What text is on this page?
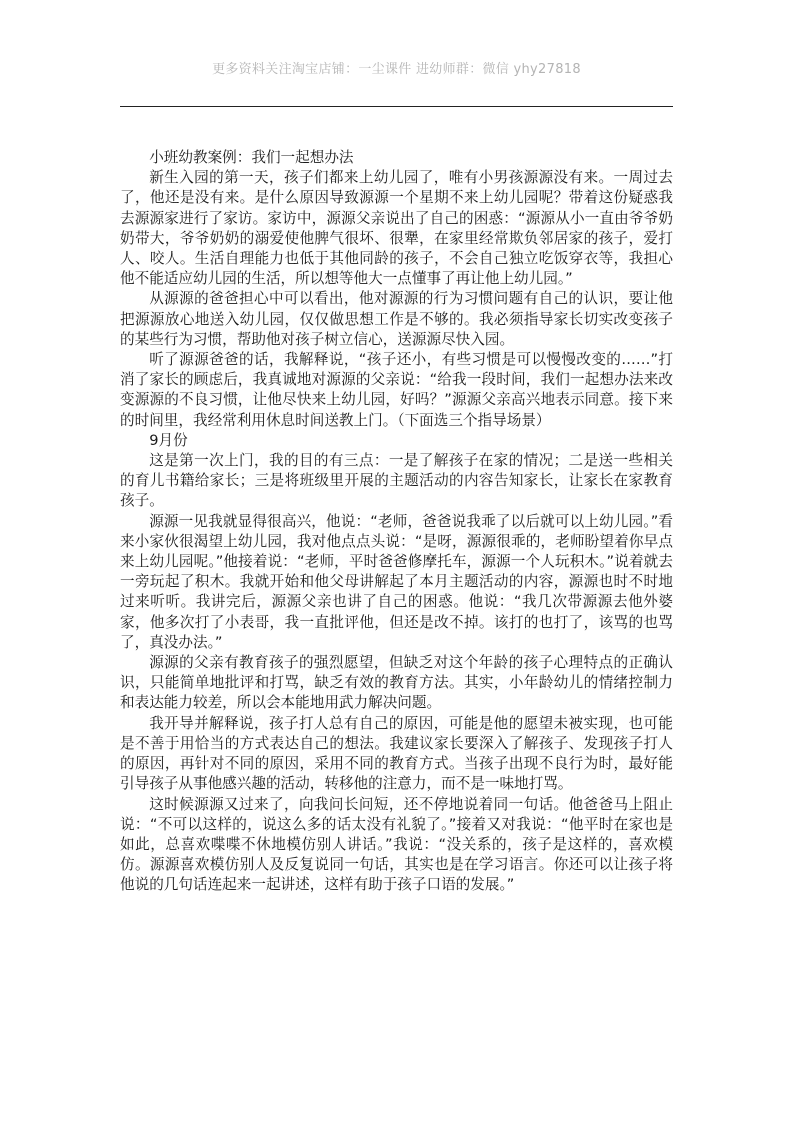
更多资料关注淘宝店铺：一尘课件 进幼师群：微信 yhy27818

小班幼教案例：我们一起想办法

新生入园的第一天，孩子们都来上幼儿园了，唯有小男孩源源没有来。一周过去了，他还是没有来。是什么原因导致源源一个星期不来上幼儿园呢？带着这份疑惑我去源源家进行了家访。家访中，源源父亲说出了自己的困惑：“源源从小一直由爷爷奶奶带大，爷爷奶奶的溺爱使他脾气很坏、很犟，在家里经常欺负邻居家的孩子，爱打人、咬人。生活自理能力也低于其他同龄的孩子，不会自己独立吃饭穿衣等，我担心他不能适应幼儿园的生活，所以想等他大一点懂事了再让他上幼儿园。”

从源源的爸爸担心中可以看出，他对源源的行为习惯问题有自己的认识，要让他把源源放心地送入幼儿园，仅仅做思想工作是不够的。我必须指导家长切实改变孩子的某些行为习惯，帮助他对孩子树立信心，送源源尽快入园。

听了源源爸爸的话，我解释说，“孩子还小，有些习惯是可以慢慢改变的……”打消了家长的顾虑后，我真诚地对源源的父亲说：“给我一段时间，我们一起想办法来改变源源的不良习惯，让他尽快来上幼儿园，好吗？”源源父亲高兴地表示同意。接下来的时间里，我经常利用休息时间送教上门。（下面选三个指导场景）

9月份

这是第一次上门，我的目的有三点：一是了解孩子在家的情况；二是送一些相关的育儿书籍给家长；三是将班级里开展的主题活动的内容告知家长，让家长在家教育孩子。

源源一见我就显得很高兴，他说：“老师，爸爸说我乖了以后就可以上幼儿园。”看来小家伙很渴望上幼儿园，我对他点点头说：“是呀，源源很乖的，老师盼望着你早点来上幼儿园呢。”他接着说：“老师，平时爸爸修摩托车，源源一个人玩积木。”说着就去一旁玩起了积木。我就开始和他父母讲解起了本月主题活动的内容，源源也时不时地过来听听。我讲完后，源源父亲也讲了自己的困惑。他说：“我几次带源源去他外婆家，他多次打了小表哥，我一直批评他，但还是改不掉。该打的也打了，该骂的也骂了，真没办法。”

源源的父亲有教育孩子的强烈愿望，但缺乏对这个年龄的孩子心理特点的正确认识，只能简单地批评和打骂，缺乏有效的教育方法。其实，小年龄幼儿的情绪控制力和表达能力较差，所以会本能地用武力解决问题。

我开导并解释说，孩子打人总有自己的原因，可能是他的愿望未被实现，也可能是不善于用恰当的方式表达自己的想法。我建议家长要深入了解孩子、发现孩子打人的原因，再针对不同的原因，采用不同的教育方式。当孩子出现不良行为时，最好能引导孩子从事他感兴趣的活动，转移他的注意力，而不是一味地打骂。

这时候源源又过来了，向我问长问短，还不停地说着同一句话。他爸爸马上阻止说：“不可以这样的，说这么多的话太没有礼貌了。”接着又对我说：“他平时在家也是如此，总喜欢喋喋不休地模仿别人讲话。”我说：“没关系的，孩子是这样的，喜欢模仿。源源喜欢模仿别人及反复说同一句话，其实也是在学习语言。你还可以让孩子将他说的几句话连起来一起讲述，这样有助于孩子口语的发展。”
